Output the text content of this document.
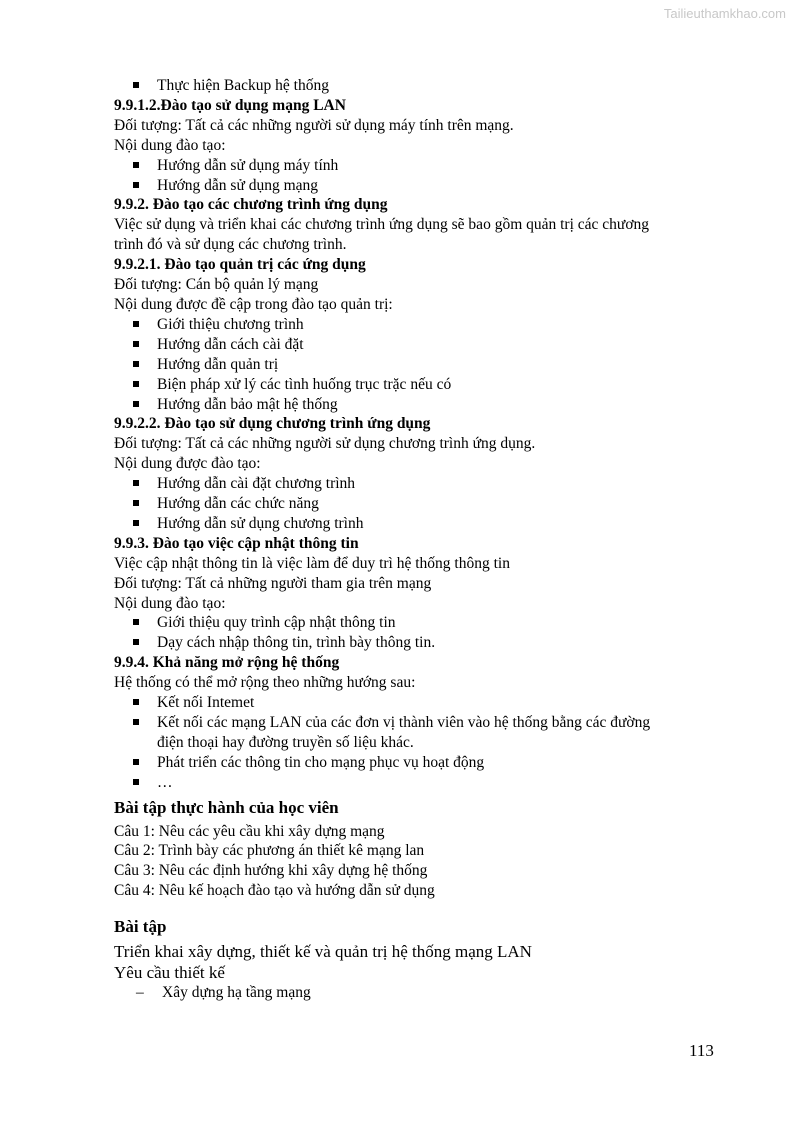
Tailieuthamkhao.com
Thực hiện Backup hệ thống
9.9.1.2.Đào tạo sử dụng mạng LAN
Đối tượng: Tất cả các những người sử dụng máy tính trên mạng.
Nội dung đào tạo:
Hướng dẫn sử dụng máy tính
Hướng dẫn sử dụng mạng
9.9.2. Đào tạo các chương trình ứng dụng
Việc sử dụng và triển khai các chương trình ứng dụng sẽ bao gồm quản trị các chương
trình đó và sử dụng các chương trình.
9.9.2.1. Đào tạo quản trị các ứng dụng
Đối tượng: Cán bộ quản lý mạng
Nội dung được đề cập trong đào tạo quản trị:
Giới thiệu chương trình
Hướng dẫn cách cài đặt
Hướng dẫn quản trị
Biện pháp xử lý các tình huống trục trặc nếu có
Hướng dẫn bảo mật hệ thống
9.9.2.2. Đào tạo sử dụng chương trình ứng dụng
Đối tượng: Tất cả các những người sử dụng chương trình ứng dụng.
Nội dung được đào tạo:
Hướng dẫn cài đặt chương trình
Hướng dẫn các chức năng
Hướng dẫn sử dụng chương trình
9.9.3. Đào tạo việc cập nhật thông tin
Việc cập nhật thông tin là việc làm để duy trì hệ thống thông tin
Đối tượng: Tất cả những người tham gia trên mạng
Nội dung đào tạo:
Giới thiệu quy trình cập nhật thông tin
Dạy cách nhập thông tin, trình bày thông tin.
9.9.4. Khả năng mở rộng hệ thống
Hệ thống có thể mở rộng theo những hướng sau:
Kết nối Intemet
Kết nối các mạng LAN của các đơn vị thành viên vào hệ thống bằng các đường
điện thoại hay đường truyền số liệu khác.
Phát triển các thông tin cho mạng phục vụ hoạt động
…
Bài tập thực hành của học viên
Câu 1: Nêu các yêu cầu khi xây dựng mạng
Câu 2: Trình bày các phương án thiết kê mạng lan
Câu 3: Nêu các định hướng khi xây dựng hệ thống
Câu 4: Nêu kế hoạch đào tạo và hướng dẫn sử dụng
Bài tập
Triển khai xây dựng, thiết kế và quản trị hệ thống mạng LAN
Yêu cầu thiết kế
– Xây dựng hạ tầng mạng
113
